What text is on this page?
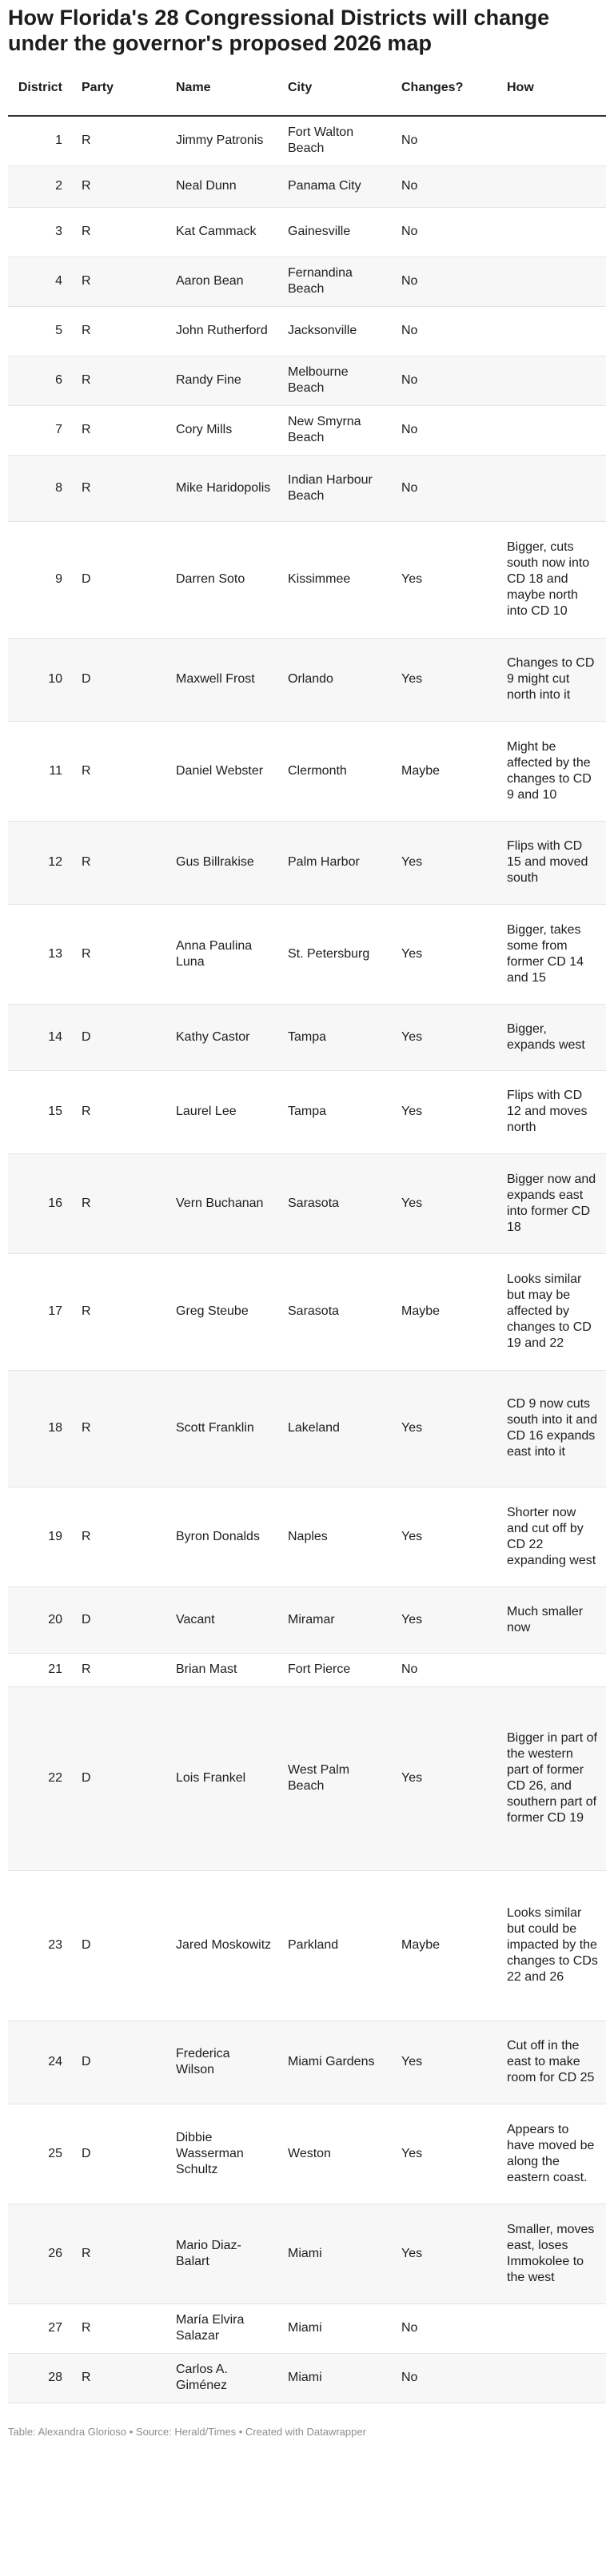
How Florida's 28 Congressional Districts will change under the governor's proposed 2026 map
District	Party	Name	City	Changes?	How
1	R	Jimmy Patronis	Fort Walton Beach	No	
2	R	Neal Dunn	Panama City	No	
3	R	Kat Cammack	Gainesville	No	
4	R	Aaron Bean	Fernandina Beach	No	
5	R	John Rutherford	Jacksonville	No	
6	R	Randy Fine	Melbourne Beach	No	
7	R	Cory Mills	New Smyrna Beach	No	
8	R	Mike Haridopolis	Indian Harbour Beach	No	
9	D	Darren Soto	Kissimmee	Yes	Bigger, cuts south now into CD 18 and maybe north into CD 10
10	D	Maxwell Frost	Orlando	Yes	Changes to CD 9 might cut north into it
11	R	Daniel Webster	Clermonth	Maybe	Might be affected by the changes to CD 9 and 10
12	R	Gus Billrakise	Palm Harbor	Yes	Flips with CD 15 and moved south
13	R	Anna Paulina Luna	St. Petersburg	Yes	Bigger, takes some from former CD 14 and 15
14	D	Kathy Castor	Tampa	Yes	Bigger, expands west
15	R	Laurel Lee	Tampa	Yes	Flips with CD 12 and moves north
16	R	Vern Buchanan	Sarasota	Yes	Bigger now and expands east into former CD 18
17	R	Greg Steube	Sarasota	Maybe	Looks similar but may be affected by changes to CD 19 and 22
18	R	Scott Franklin	Lakeland	Yes	CD 9 now cuts south into it and CD 16 expands east into it
19	R	Byron Donalds	Naples	Yes	Shorter now and cut off by CD 22 expanding west
20	D	Vacant	Miramar	Yes	Much smaller now
21	R	Brian Mast	Fort Pierce	No	
22	D	Lois Frankel	West Palm Beach	Yes	Bigger in part of the western part of former CD 26, and southern part of former CD 19
23	D	Jared Moskowitz	Parkland	Maybe	Looks similar but could be impacted by the changes to CDs 22 and 26
24	D	Frederica Wilson	Miami Gardens	Yes	Cut off in the east to make room for CD 25
25	D	Dibbie Wasserman Schultz	Weston	Yes	Appears to have moved be along the eastern coast.
26	R	Mario Diaz-Balart	Miami	Yes	Smaller, moves east, loses Immokolee to the west
27	R	María Elvira Salazar	Miami	No	
28	R	Carlos A. Giménez	Miami	No	
Table: Alexandra Glorioso • Source: Herald/Times • Created with Datawrapper
